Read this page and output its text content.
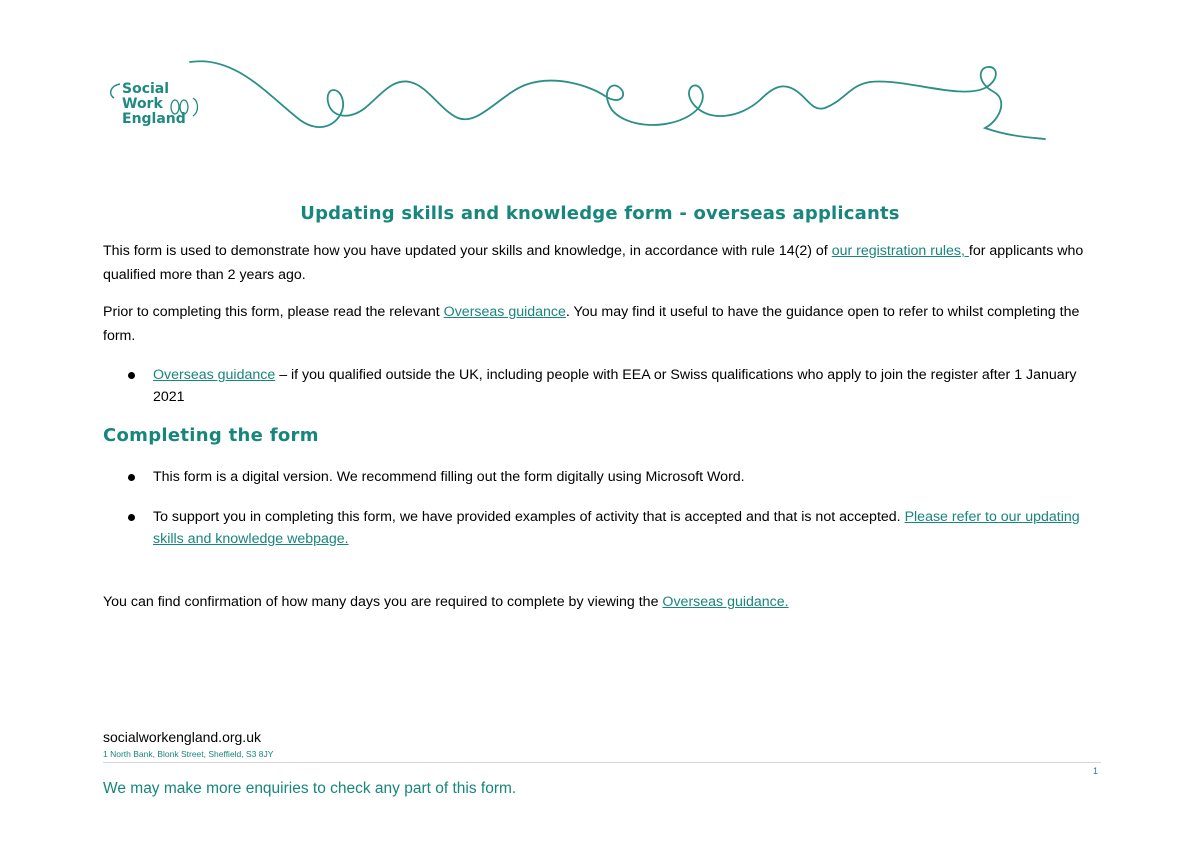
Social
Work
England
Updating skills and knowledge form - overseas applicants
This form is used to demonstrate how you have updated your skills and knowledge, in accordance with rule 14(2) of our registration rules, for applicants who qualified more than 2 years ago.
Prior to completing this form, please read the relevant Overseas guidance. You may find it useful to have the guidance open to refer to whilst completing the form.
Overseas guidance – if you qualified outside the UK, including people with EEA or Swiss qualifications who apply to join the register after 1 January 2021
Completing the form
This form is a digital version. We recommend filling out the form digitally using Microsoft Word.
To support you in completing this form, we have provided examples of activity that is accepted and that is not accepted. Please refer to our updating skills and knowledge webpage.
You can find confirmation of how many days you are required to complete by viewing the Overseas guidance.
socialworkengland.org.uk
1 North Bank, Blonk Street, Sheffield, S3 8JY
1
We may make more enquiries to check any part of this form.
